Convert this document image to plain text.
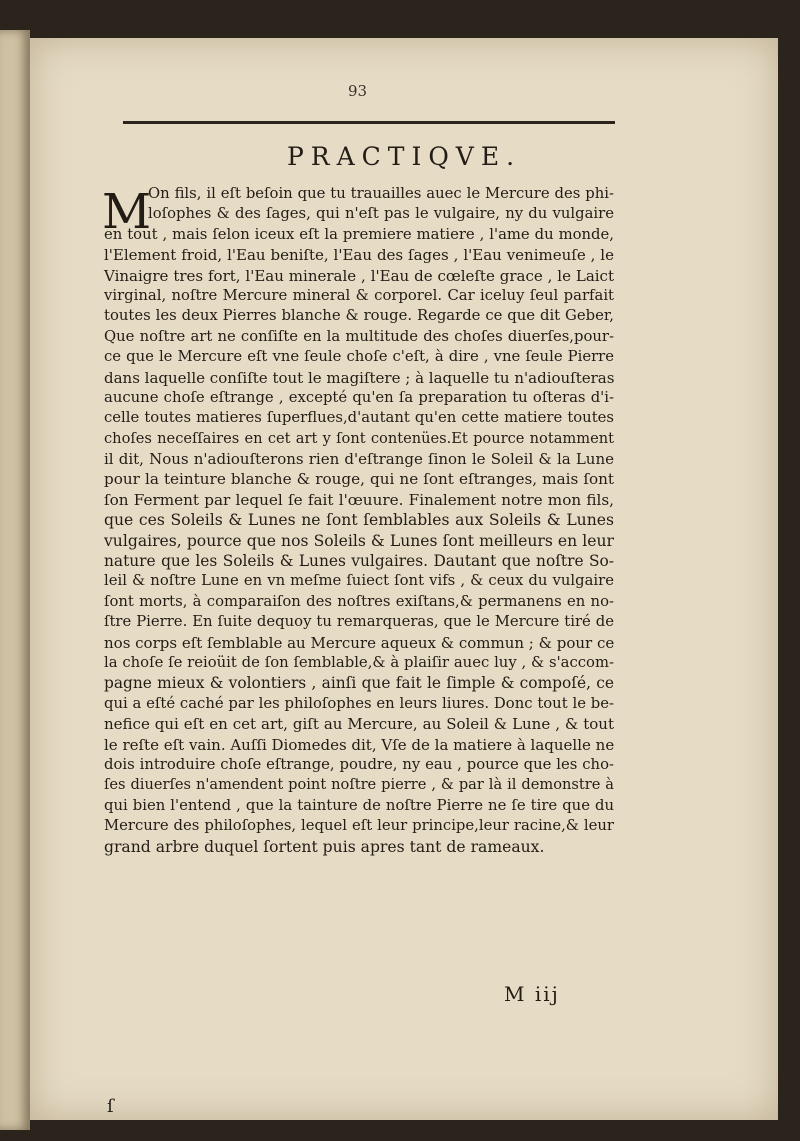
93
PRACTIQVE.
M
On fils, il eſt beſoin que tu trauailles auec le Mercure des phi-
loſophes & des ſages, qui n'eſt pas le vulgaire, ny du vulgaire
en tout , mais ſelon iceux eſt la premiere matiere , l'ame du monde,
l'Element froid, l'Eau beniſte, l'Eau des ſages , l'Eau venimeuſe , le
Vinaigre tres fort, l'Eau minerale , l'Eau de cœleſte grace , le Laict
virginal, noſtre Mercure mineral & corporel. Car iceluy ſeul parfait
toutes les deux Pierres blanche & rouge. Regarde ce que dit Geber,
Que noſtre art ne conſiſte en la multitude des choſes diuerſes,pour-
ce que le Mercure eſt vne ſeule choſe c'eſt, à dire , vne ſeule Pierre
dans laquelle conſiſte tout le magiſtere ; à laquelle tu n'adiouſteras
aucune choſe eſtrange , excepté qu'en ſa preparation tu oſteras d'i-
celle toutes matieres ſuperflues,d'autant qu'en cette matiere toutes
choſes neceſſaires en cet art y ſont contenües.Et pource notamment
il dit, Nous n'adiouſterons rien d'eſtrange ſinon le Soleil & la Lune
pour la teinture blanche & rouge, qui ne ſont eſtranges, mais ſont
ſon Ferment par lequel ſe fait l'œuure. Finalement notre mon fils,
que ces Soleils & Lunes ne ſont ſemblables aux Soleils & Lunes
vulgaires, pource que nos Soleils & Lunes ſont meilleurs en leur
nature que les Soleils & Lunes vulgaires. Dautant que noſtre So-
leil & noſtre Lune en vn meſme ſuiect ſont vifs , & ceux du vulgaire
ſont morts, à comparaiſon des noſtres exiſtans,& permanens en no-
ſtre Pierre. En ſuite dequoy tu remarqueras, que le Mercure tiré de
nos corps eſt ſemblable au Mercure aqueux & commun ; & pour ce
la choſe ſe reioüit de ſon ſemblable,& à plaiſir auec luy , & s'accom-
pagne mieux & volontiers , ainſi que fait le ſimple & compoſé, ce
qui a eſté caché par les philoſophes en leurs liures. Donc tout le be-
nefice qui eſt en cet art, giſt au Mercure, au Soleil & Lune , & tout
le reſte eſt vain. Auſſi Diomedes dit, Vſe de la matiere à laquelle ne
dois introduire choſe eſtrange, poudre, ny eau , pource que les cho-
ſes diuerſes n'amendent point noſtre pierre , & par là il demonstre à
qui bien l'entend , que la tainture de noſtre Pierre ne ſe tire que du
Mercure des philoſophes, lequel eſt leur principe,leur racine,& leur
grand arbre duquel ſortent puis apres tant de rameaux.
M iij
ſ
